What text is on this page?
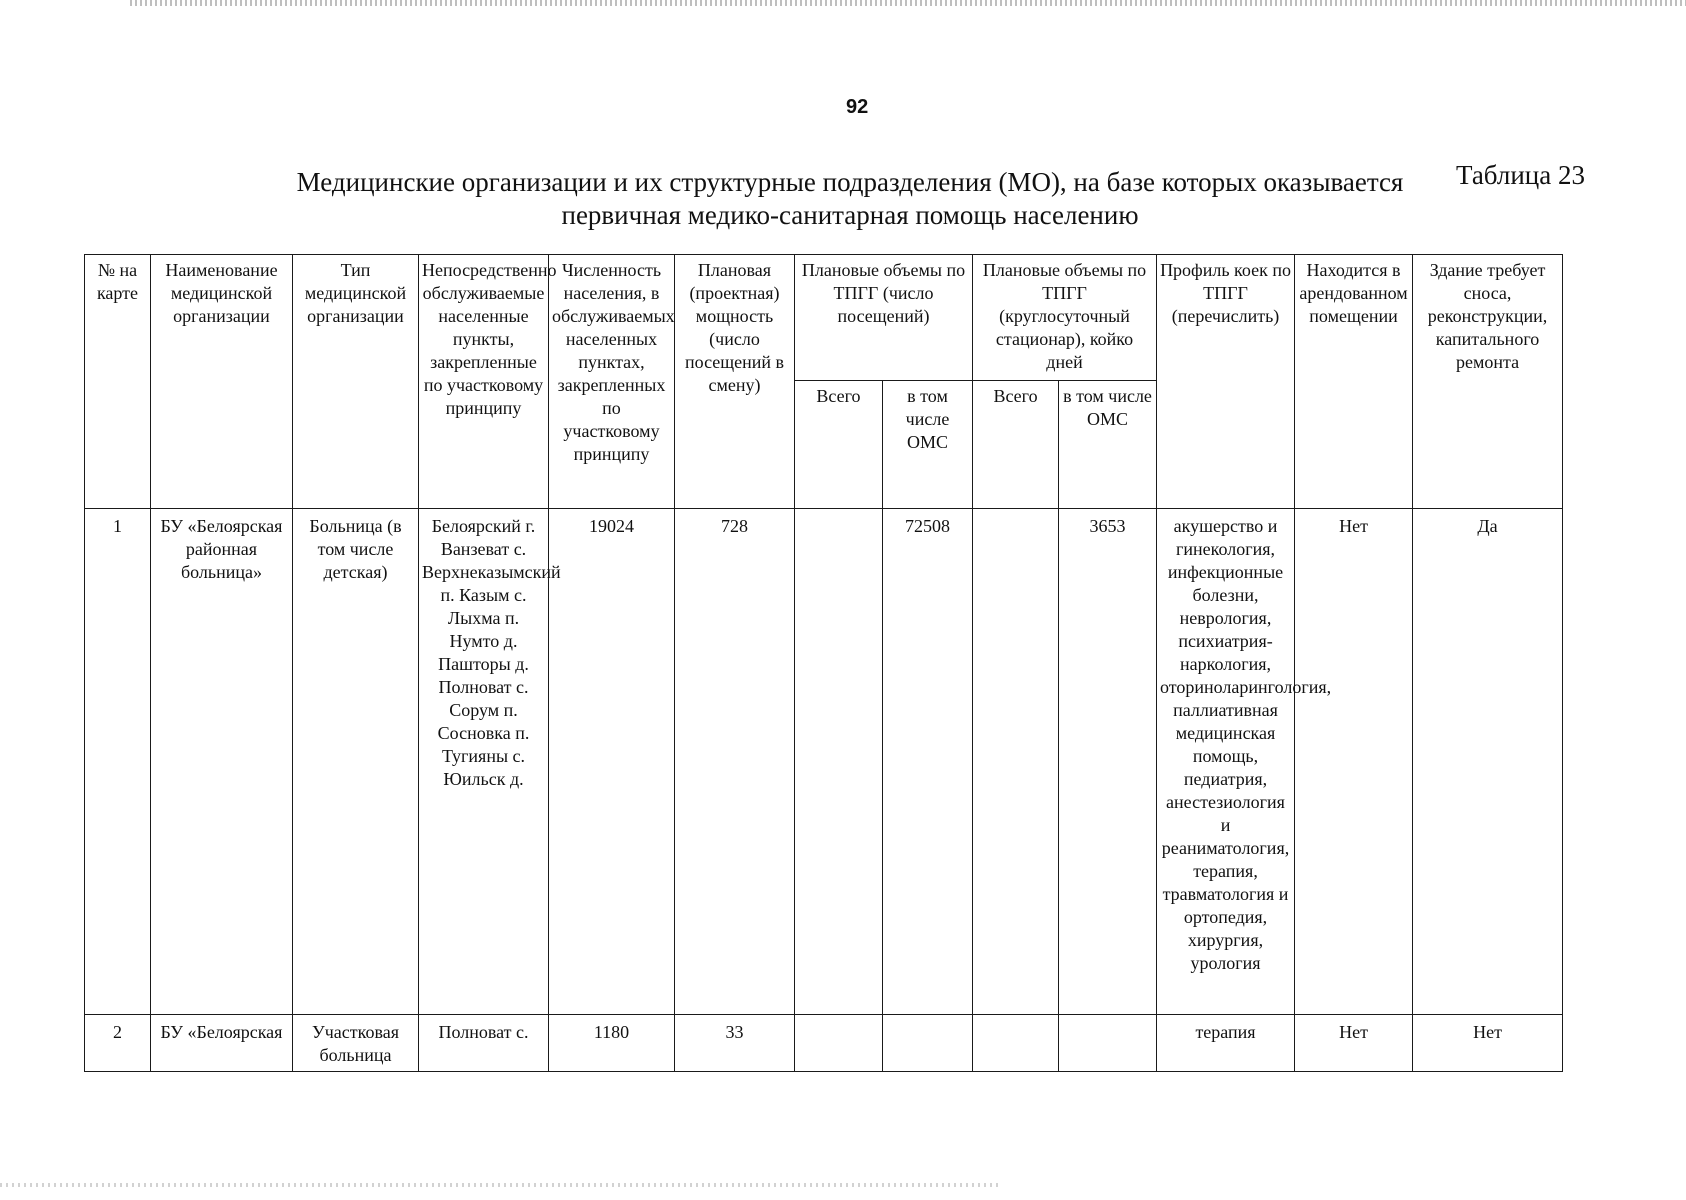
92
Таблица 23
Медицинские организации и их структурные подразделения (МО), на базе которых оказывается
первичная медико-санитарная помощь населению
№ на карте	Наименование медицинской организации	Тип медицинской организации	Непосредственно обслуживаемые населенные пункты, закрепленные по участковому принципу	Численность населения, в обслуживаемых населенных пунктах, закрепленных по участковому принципу	Плановая (проектная) мощность (число посещений в смену)	Плановые объемы по ТПГГ (число посещений)		Плановые объемы по ТПГГ (круглосуточный стационар), койко дней		Профиль коек по ТПГГ (перечислить)	Находится в арендованном помещении	Здание требует сноса, реконструкции, капитального ремонта
						Всего	в том числе ОМС	Всего	в том числе ОМС			
1	БУ «Белоярская районная больница»	Больница (в том числе детская)	Белоярский г. Ванзеват с. Верхнеказымский п. Казым с. Лыхма п. Нумто д. Пашторы д. Полноват с. Сорум п. Сосновка п. Тугияны с. Юильск д.	19024	728		72508		3653	акушерство и гинекология, инфекционные болезни, неврология, психиатрия-наркология, оториноларингология, паллиативная медицинская помощь, педиатрия, анестезиология и реаниматология, терапия, травматология и ортопедия, хирургия, урология	Нет	Да
2	БУ «Белоярская	Участковая больница	Полноват с.	1180	33					терапия	Нет	Нет
